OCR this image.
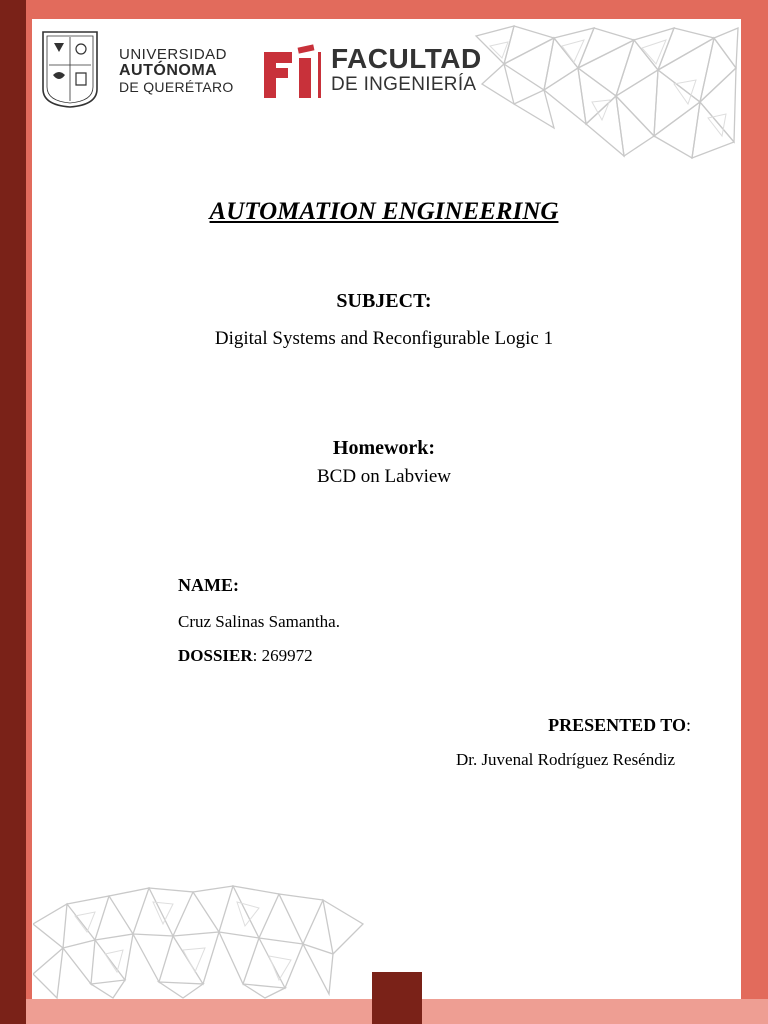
UNIVERSIDAD
AUTÓNOMA
DE QUERÉTARO
FACULTAD
DE INGENIERÍA
AUTOMATION ENGINEERING
SUBJECT:
Digital Systems and Reconfigurable Logic 1
Homework:
BCD on Labview
NAME:
Cruz Salinas Samantha.
DOSSIER: 269972
PRESENTED TO:
Dr. Juvenal Rodríguez Reséndiz
